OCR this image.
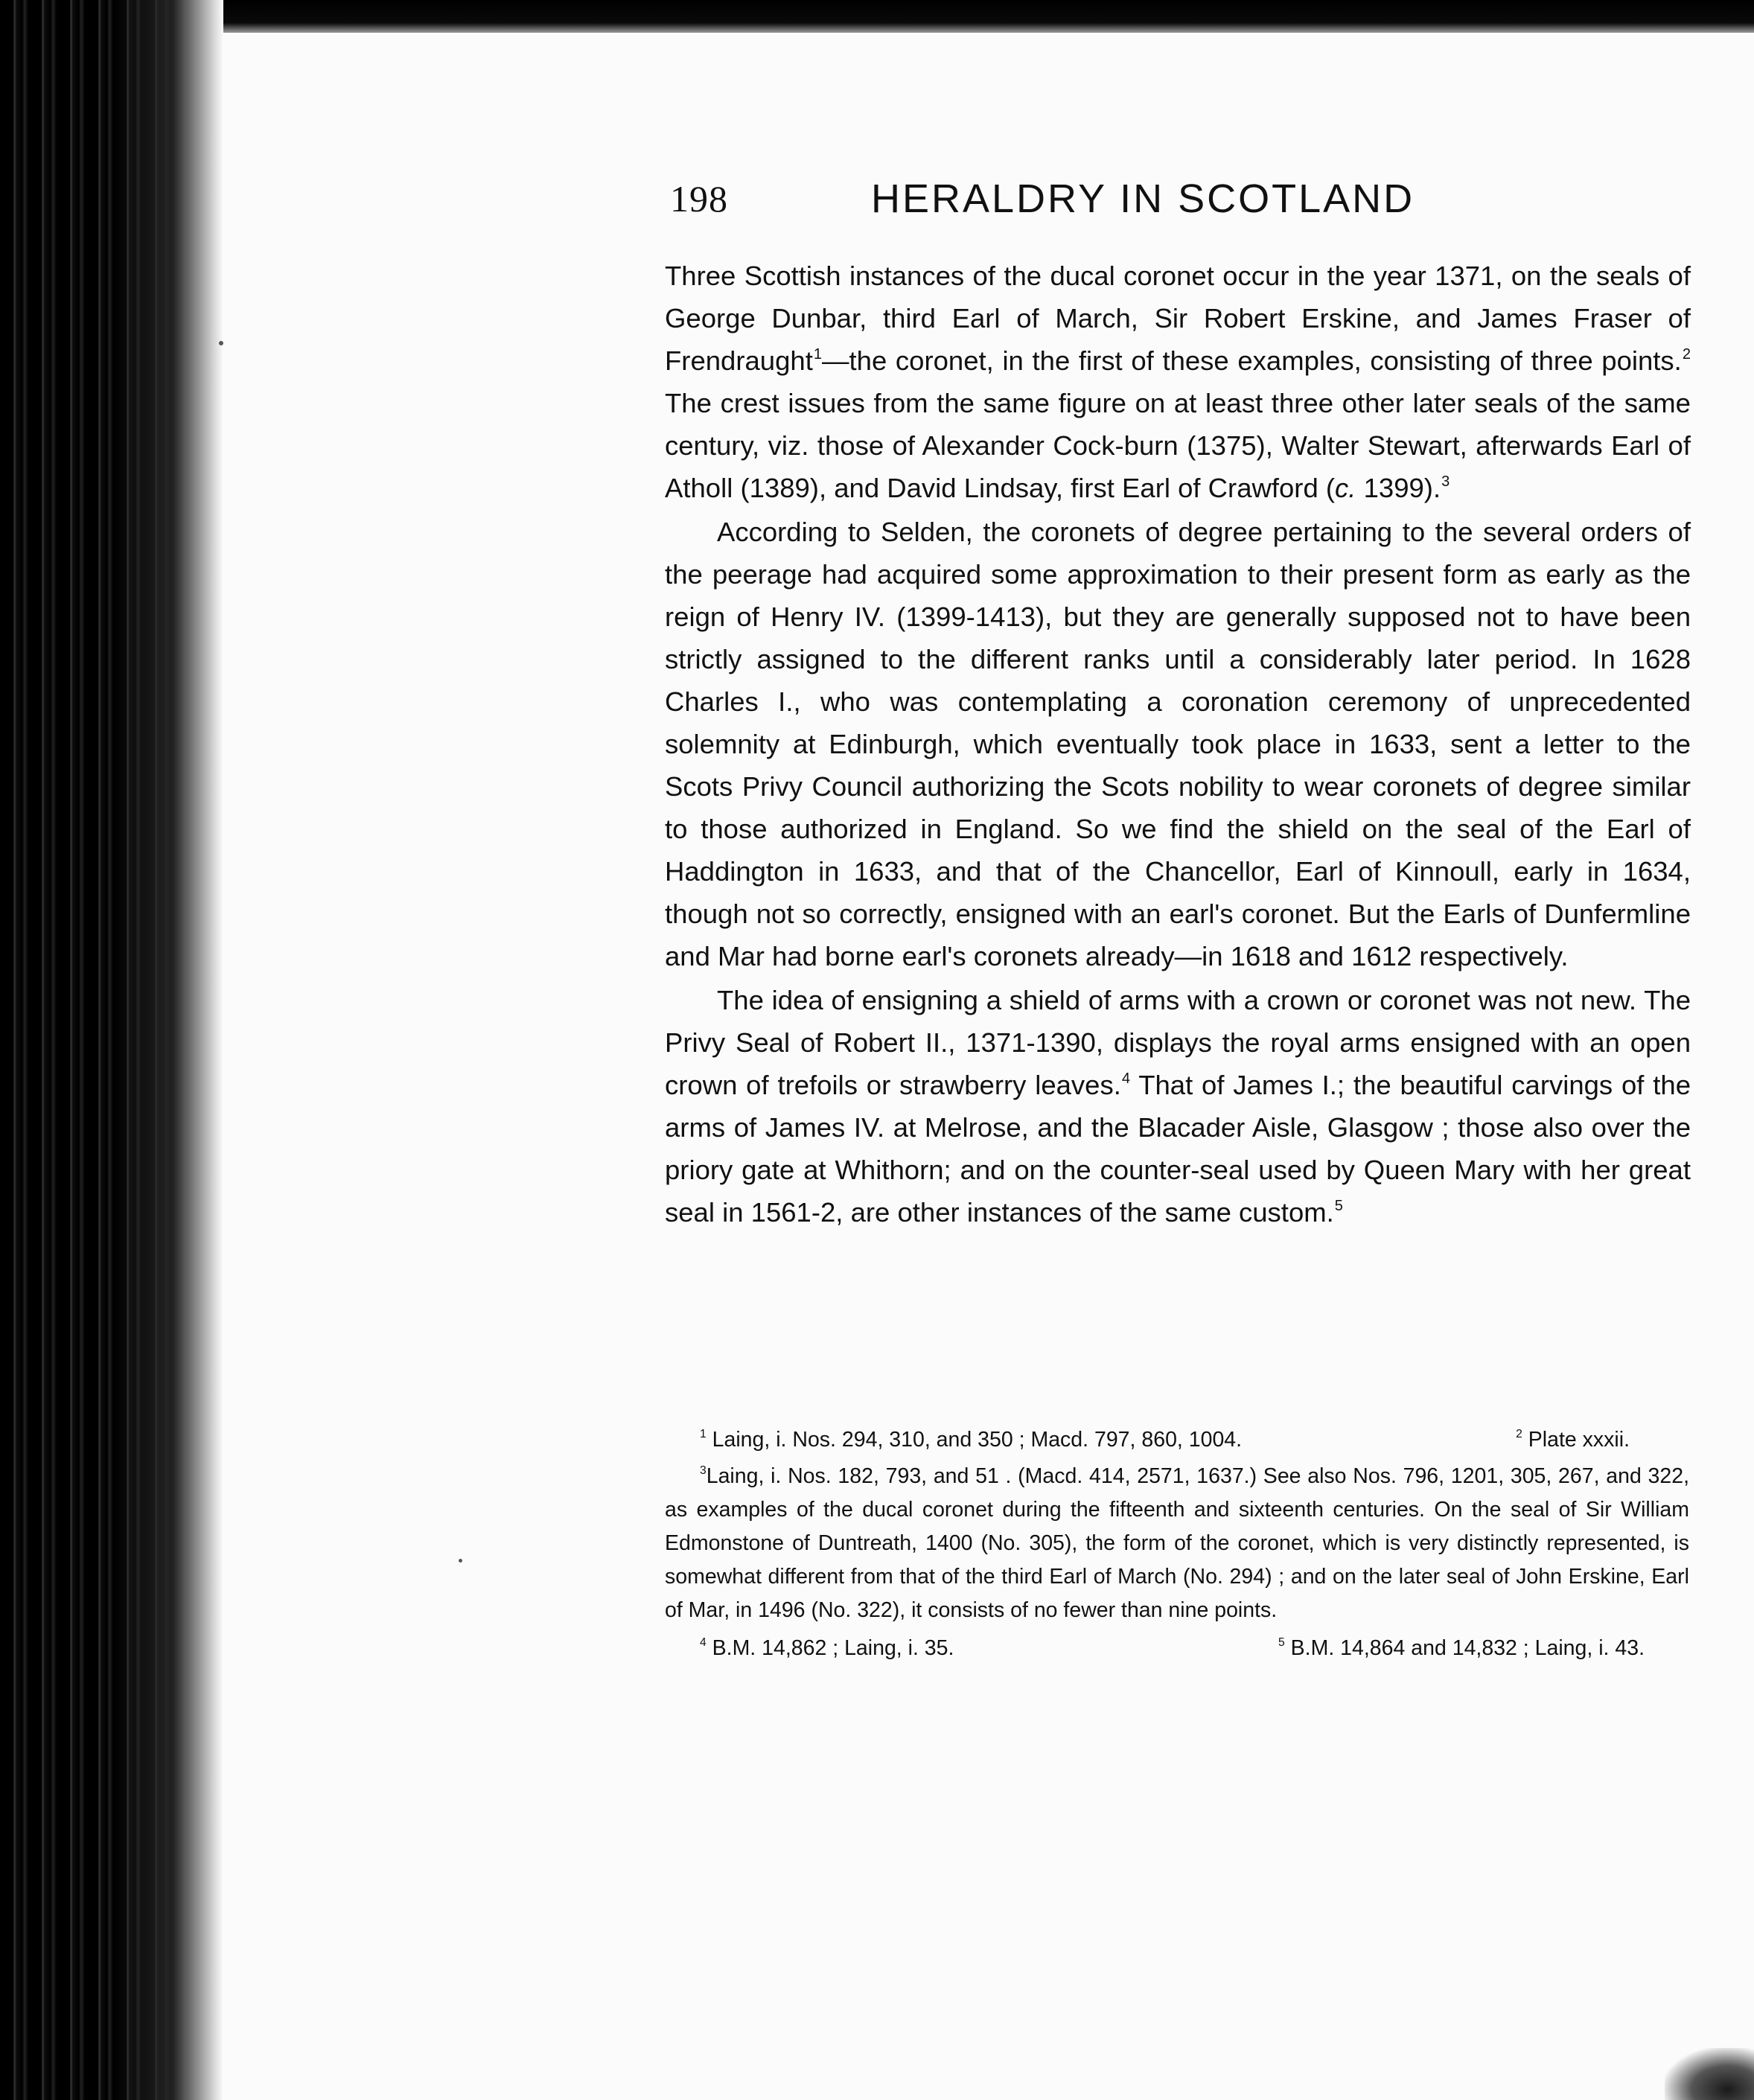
198	HERALDRY IN SCOTLAND

Three Scottish instances of the ducal coronet occur in the year 1371, on the seals of George Dunbar, third Earl of March, Sir Robert Erskine, and James Fraser of Frendraught$^1$—the coronet, in the first of these examples, consisting of three points.$^2$ The crest issues from the same figure on at least three other later seals of the same century, viz. those of Alexander Cock-burn (1375), Walter Stewart, afterwards Earl of Atholl (1389), and David Lindsay, first Earl of Crawford (c. 1399).$^3$

According to Selden, the coronets of degree pertaining to the several orders of the peerage had acquired some approximation to their present form as early as the reign of Henry IV. (1399-1413), but they are generally supposed not to have been strictly assigned to the different ranks until a considerably later period. In 1628 Charles I., who was contemplating a coronation ceremony of unprecedented solemnity at Edinburgh, which eventually took place in 1633, sent a letter to the Scots Privy Council authorizing the Scots nobility to wear coronets of degree similar to those authorized in England. So we find the shield on the seal of the Earl of Haddington in 1633, and that of the Chancellor, Earl of Kinnoull, early in 1634, though not so correctly, ensigned with an earl's coronet. But the Earls of Dunfermline and Mar had borne earl's coronets already—in 1618 and 1612 respectively.

The idea of ensigning a shield of arms with a crown or coronet was not new. The Privy Seal of Robert II., 1371-1390, displays the royal arms ensigned with an open crown of trefoils or strawberry leaves.$^4$ That of James I.; the beautiful carvings of the arms of James IV. at Melrose, and the Blacader Aisle, Glasgow ; those also over the priory gate at Whithorn; and on the counter-seal used by Queen Mary with her great seal in 1561-2, are other instances of the same custom.$^5$

$^1$ Laing, i. Nos. 294, 310, and 350 ; Macd. 797, 860, 1004.	$^2$ Plate xxxii.
$^3$Laing, i. Nos. 182, 793, and 51 . (Macd. 414, 2571, 1637.) See also Nos. 796, 1201, 305, 267, and 322, as examples of the ducal coronet during the fifteenth and sixteenth centuries. On the seal of Sir William Edmonstone of Duntreath, 1400 (No. 305), the form of the coronet, which is very distinctly represented, is somewhat different from that of the third Earl of March (No. 294) ; and on the later seal of John Erskine, Earl of Mar, in 1496 (No. 322), it consists of no fewer than nine points.
$^4$ B.M. 14,862 ; Laing, i. 35.	$^5$ B.M. 14,864 and 14,832 ; Laing, i. 43.
